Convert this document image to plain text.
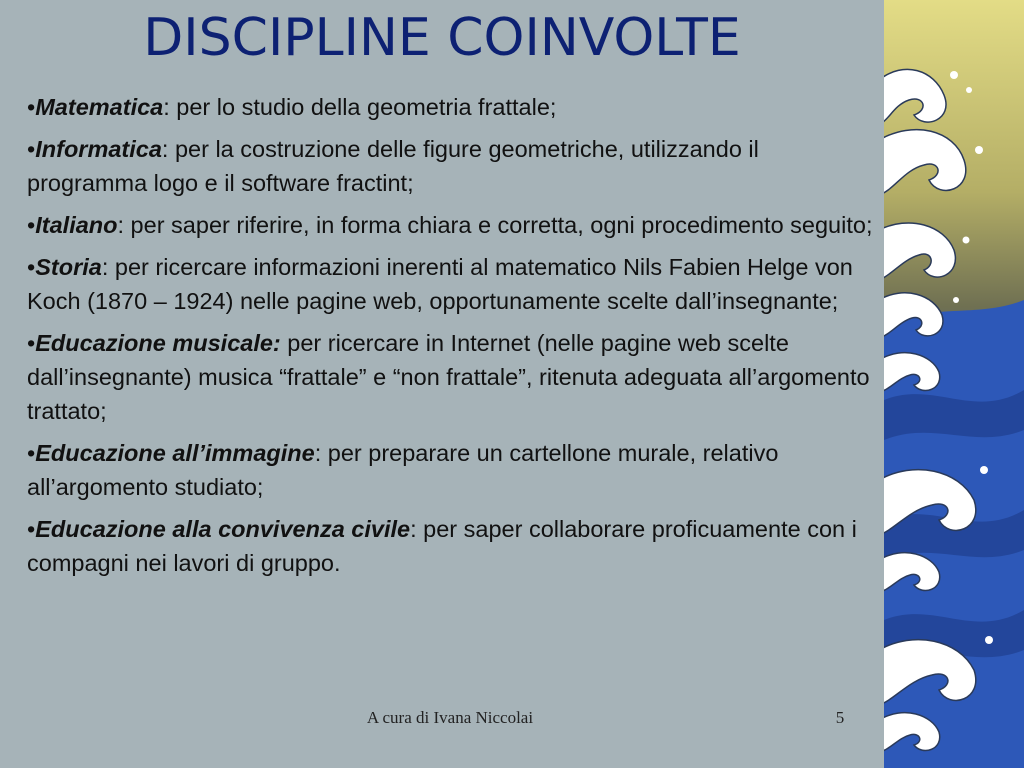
DISCIPLINE COINVOLTE
•Matematica: per lo studio della geometria frattale;
•Informatica: per la costruzione delle figure geometriche, utilizzando il programma logo e il software fractint;
•Italiano: per saper riferire, in forma chiara e corretta, ogni procedimento seguito;
•Storia: per ricercare informazioni inerenti al matematico Nils Fabien Helge von Koch (1870 – 1924) nelle pagine web, opportunamente scelte dall’insegnante;
•Educazione musicale: per ricercare in Internet (nelle pagine web scelte dall’insegnante) musica “frattale” e “non frattale”, ritenuta adeguata all’argomento trattato;
•Educazione all’immagine: per preparare un cartellone murale, relativo all’argomento studiato;
•Educazione alla convivenza civile: per saper collaborare proficuamente con i compagni nei lavori di gruppo.
A cura di Ivana Niccolai	5
